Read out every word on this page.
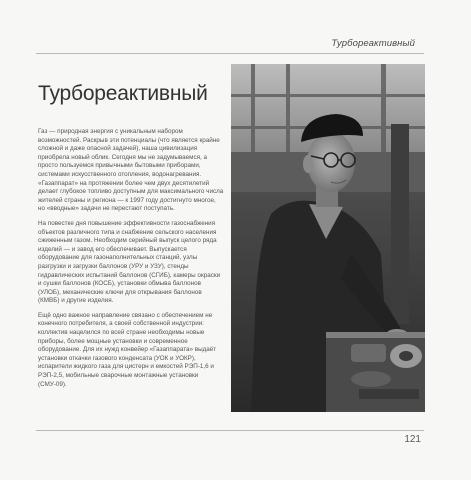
Турбореактивный
Турбореактивный

Газ — природная энергия с уникальным набором возможностей. Раскрыв эти потенциалы (что является крайне сложной и даже опасной задачей), наша цивилизация приобрела новый облик. Сегодня мы не задумываемся, а просто пользуемся привычными бытовыми приборами, системами искусственного отопления, водонагревания. «Газаппарат» на протяжении более чем двух десятилетий делает глубокое топливо доступным для максимального числа жителей страны и региона — к 1997 году достигнуто многое, но «вводные» задачи не перестают поступать.

На повестке дня повышение эффективности газоснабжения объектов различного типа и снабжение сельского населения сжиженным газом. Необходим серийный выпуск целого ряда изделий — и завод его обеспечивает. Выпускается оборудование для газонаполнительных станций, узлы разгрузки и загрузки баллонов (УРУ и УЗУ), стенды гидравлических испытаний баллонов (СГИБ), камеры окраски и сушки баллонов (КОСБ), установки обмыва баллонов (УЛОБ), механические ключи для открывания баллонов (КМВБ) и другие изделия.

Ещё одно важное направление связано с обеспечением не конечного потребителя, а своей собственной индустрии: коллектив нацелился по всей стране необходимы новые приборы, более мощные установки и современное оборудование. Для их нужд конвейер «Газаппарата» выдаёт установки откачки газового конденсата (УОК и УОКР), испарители жидкого газа для цистерн и емкостей РЭП-1,6 и РЭП-2,5, мобильные сварочные монтажные установки (СМУ-09).

121
